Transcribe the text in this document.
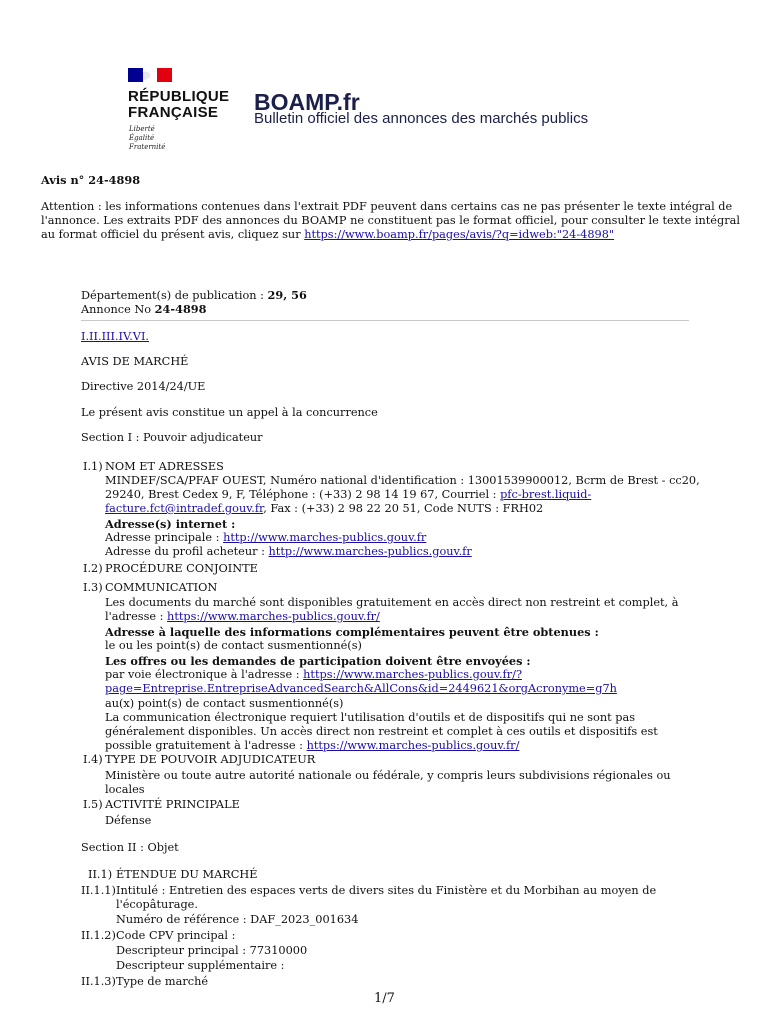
RÉPUBLIQUE
FRANÇAISE
Liberté
Égalité
Fraternité
BOAMP.fr
Bulletin officiel des annonces des marchés publics
Avis n° 24-4898
Attention : les informations contenues dans l'extrait PDF peuvent dans certains cas ne pas présenter le texte intégral de
l'annonce. Les extraits PDF des annonces du BOAMP ne constituent pas le format officiel, pour consulter le texte intégral
au format officiel du présent avis, cliquez sur https://www.boamp.fr/pages/avis/?q=idweb:"24-4898"
Département(s) de publication : 29, 56
Annonce No 24-4898
I.II.III.IV.VI.
AVIS DE MARCHÉ
Directive 2014/24/UE
Le présent avis constitue un appel à la concurrence
Section I : Pouvoir adjudicateur
I.1) NOM ET ADRESSES
MINDEF/SCA/PFAF OUEST, Numéro national d'identification : 13001539900012, Bcrm de Brest - cc20,
29240, Brest Cedex 9, F, Téléphone : (+33) 2 98 14 19 67, Courriel : pfc-brest.liquid-
facture.fct@intradef.gouv.fr, Fax : (+33) 2 98 22 20 51, Code NUTS : FRH02
Adresse(s) internet :
Adresse principale : http://www.marches-publics.gouv.fr
Adresse du profil acheteur : http://www.marches-publics.gouv.fr
I.2) PROCÉDURE CONJOINTE
I.3) COMMUNICATION
Les documents du marché sont disponibles gratuitement en accès direct non restreint et complet, à
l'adresse : https://www.marches-publics.gouv.fr/
Adresse à laquelle des informations complémentaires peuvent être obtenues :
le ou les point(s) de contact susmentionné(s)
Les offres ou les demandes de participation doivent être envoyées :
par voie électronique à l'adresse : https://www.marches-publics.gouv.fr/?
page=Entreprise.EntrepriseAdvancedSearch&AllCons&id=2449621&orgAcronyme=g7h
au(x) point(s) de contact susmentionné(s)
La communication électronique requiert l'utilisation d'outils et de dispositifs qui ne sont pas
généralement disponibles. Un accès direct non restreint et complet à ces outils et dispositifs est
possible gratuitement à l'adresse : https://www.marches-publics.gouv.fr/
I.4) TYPE DE POUVOIR ADJUDICATEUR
Ministère ou toute autre autorité nationale ou fédérale, y compris leurs subdivisions régionales ou
locales
I.5) ACTIVITÉ PRINCIPALE
Défense
Section II : Objet
II.1) ÉTENDUE DU MARCHÉ
II.1.1) Intitulé : Entretien des espaces verts de divers sites du Finistère et du Morbihan au moyen de
l'écopâturage.
Numéro de référence : DAF_2023_001634
II.1.2) Code CPV principal :
Descripteur principal : 77310000
Descripteur supplémentaire :
II.1.3) Type de marché
1/7
